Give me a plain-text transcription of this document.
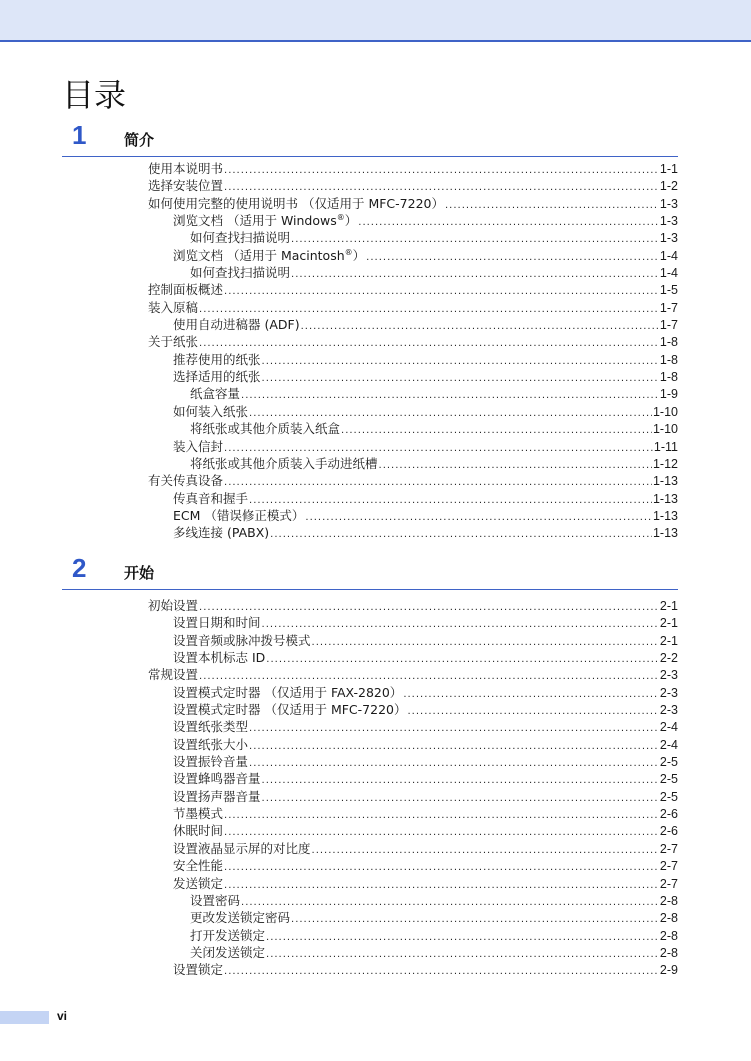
目录
1	简介
使用本说明书 .....	1-1
选择安装位置 .....	1-2
如何使用完整的使用说明书 （仅适用于 MFC-7220） .....	1-3
浏览文档 （适用于 Windows®） .....	1-3
如何查找扫描说明 .....	1-3
浏览文档 （适用于 Macintosh®） .....	1-4
如何查找扫描说明 .....	1-4
控制面板概述 .....	1-5
装入原稿 .....	1-7
使用自动进稿器 (ADF) .....	1-7
关于纸张 .....	1-8
推荐使用的纸张 .....	1-8
选择适用的纸张 .....	1-8
纸盒容量 .....	1-9
如何装入纸张 .....	1-10
将纸张或其他介质装入纸盒 .....	1-10
装入信封 .....	1-11
将纸张或其他介质装入手动进纸槽 .....	1-12
有关传真设备 .....	1-13
传真音和握手 .....	1-13
ECM （错误修正模式） .....	1-13
多线连接 (PABX) .....	1-13
2	开始
初始设置 .....	2-1
设置日期和时间 .....	2-1
设置音频或脉冲拨号模式 .....	2-1
设置本机标志 ID .....	2-2
常规设置 .....	2-3
设置模式定时器 （仅适用于 FAX-2820） .....	2-3
设置模式定时器 （仅适用于 MFC-7220） .....	2-3
设置纸张类型 .....	2-4
设置纸张大小 .....	2-4
设置振铃音量 .....	2-5
设置蜂鸣器音量 .....	2-5
设置扬声器音量 .....	2-5
节墨模式 .....	2-6
休眠时间 .....	2-6
设置液晶显示屏的对比度 .....	2-7
安全性能 .....	2-7
发送锁定 .....	2-7
设置密码 .....	2-8
更改发送锁定密码 .....	2-8
打开发送锁定 .....	2-8
关闭发送锁定 .....	2-8
设置锁定 .....	2-9
vi
